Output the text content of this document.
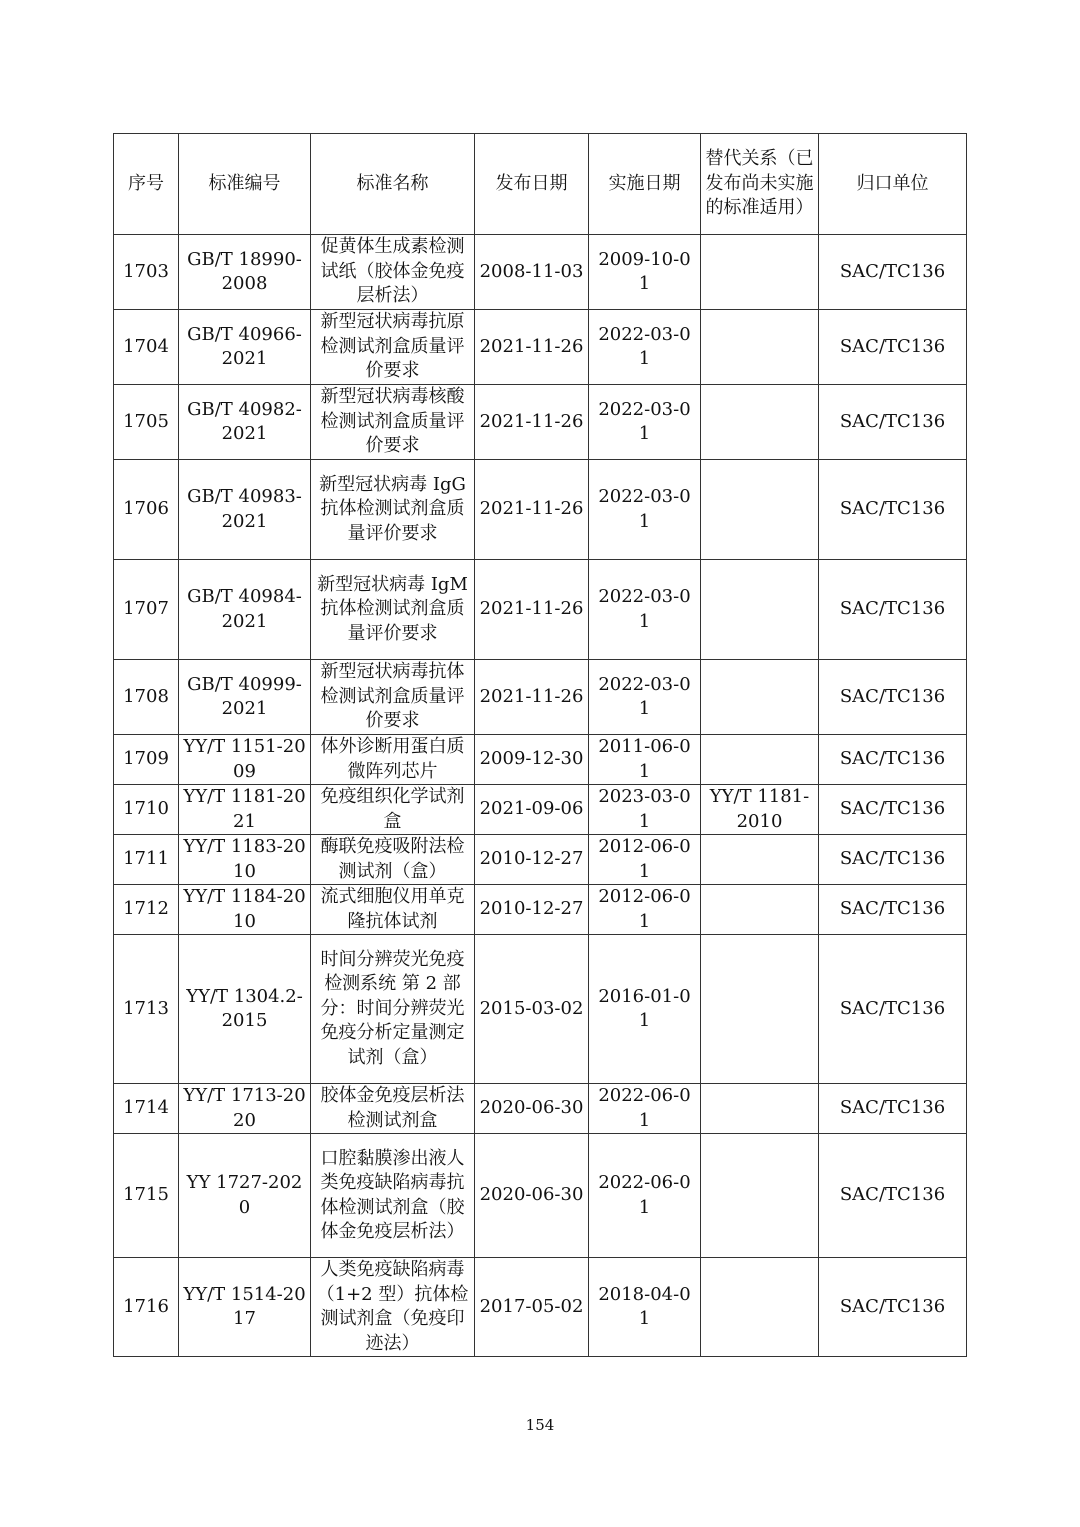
序号	标准编号	标准名称	发布日期	实施日期	替代关系（已发布尚未实施的标准适用）	归口单位
1703	GB/T 18990-2008	促黄体生成素检测试纸（胶体金免疫层析法）	2008-11-03	2009-10-01		SAC/TC136
1704	GB/T 40966-2021	新型冠状病毒抗原检测试剂盒质量评价要求	2021-11-26	2022-03-01		SAC/TC136
1705	GB/T 40982-2021	新型冠状病毒核酸检测试剂盒质量评价要求	2021-11-26	2022-03-01		SAC/TC136
1706	GB/T 40983-2021	新型冠状病毒 IgG 抗体检测试剂盒质量评价要求	2021-11-26	2022-03-01		SAC/TC136
1707	GB/T 40984-2021	新型冠状病毒 IgM 抗体检测试剂盒质量评价要求	2021-11-26	2022-03-01		SAC/TC136
1708	GB/T 40999-2021	新型冠状病毒抗体检测试剂盒质量评价要求	2021-11-26	2022-03-01		SAC/TC136
1709	YY/T 1151-2009	体外诊断用蛋白质微阵列芯片	2009-12-30	2011-06-01		SAC/TC136
1710	YY/T 1181-2021	免疫组织化学试剂盒	2021-09-06	2023-03-01	YY/T 1181-2010	SAC/TC136
1711	YY/T 1183-2010	酶联免疫吸附法检测试剂（盒）	2010-12-27	2012-06-01		SAC/TC136
1712	YY/T 1184-2010	流式细胞仪用单克隆抗体试剂	2010-12-27	2012-06-01		SAC/TC136
1713	YY/T 1304.2-2015	时间分辨荧光免疫检测系统 第 2 部分：时间分辨荧光免疫分析定量测定试剂（盒）	2015-03-02	2016-01-01		SAC/TC136
1714	YY/T 1713-2020	胶体金免疫层析法检测试剂盒	2020-06-30	2022-06-01		SAC/TC136
1715	YY 1727-2020	口腔黏膜渗出液人类免疫缺陷病毒抗体检测试剂盒（胶体金免疫层析法）	2020-06-30	2022-06-01		SAC/TC136
1716	YY/T 1514-2017	人类免疫缺陷病毒（1+2 型）抗体检测试剂盒（免疫印迹法）	2017-05-02	2018-04-01		SAC/TC136
154
